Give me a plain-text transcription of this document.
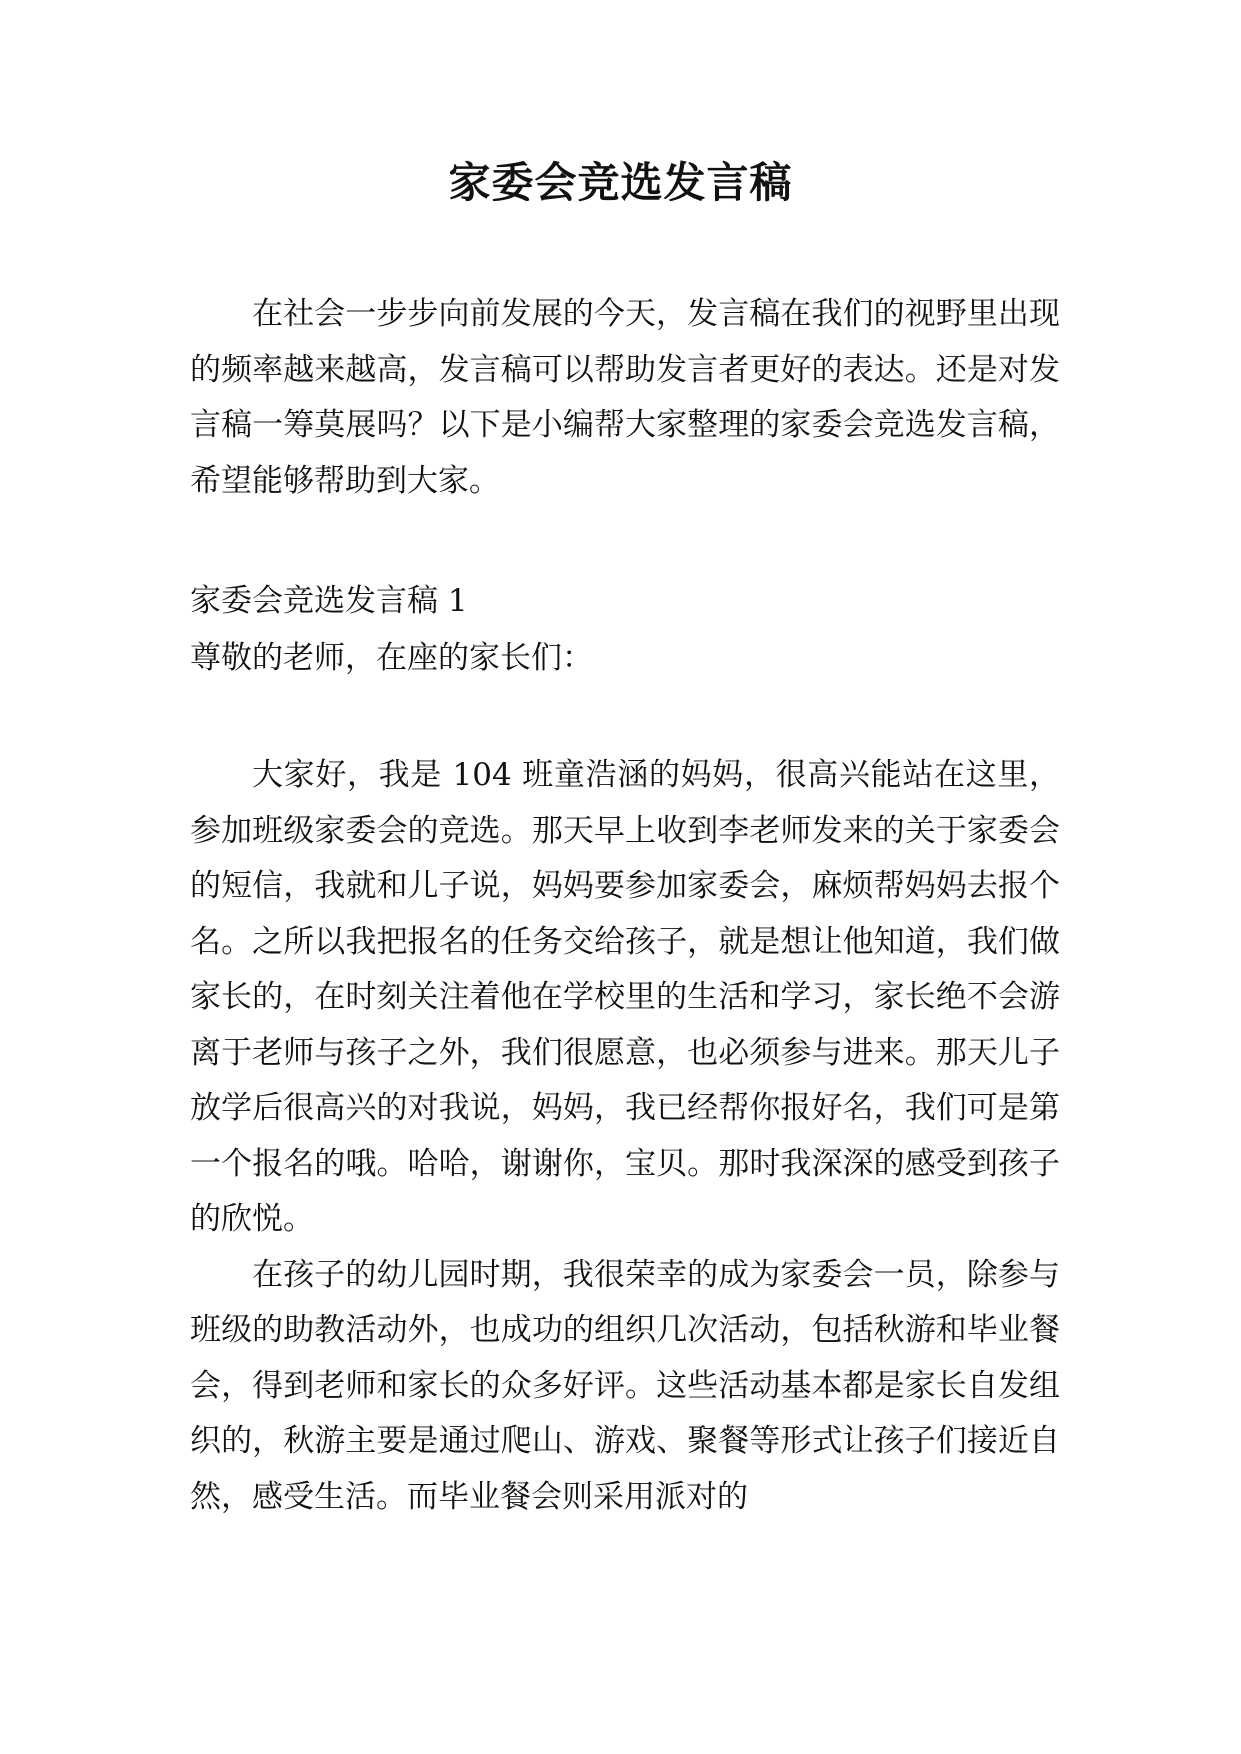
家委会竞选发言稿

在社会一步步向前发展的今天，发言稿在我们的视野里出现的频率越来越高，发言稿可以帮助发言者更好的表达。还是对发言稿一筹莫展吗？以下是小编帮大家整理的家委会竞选发言稿，希望能够帮助到大家。

家委会竞选发言稿 1

尊敬的老师，在座的家长们：

大家好，我是 104 班童浩涵的妈妈，很高兴能站在这里，参加班级家委会的竞选。那天早上收到李老师发来的关于家委会的短信，我就和儿子说，妈妈要参加家委会，麻烦帮妈妈去报个名。之所以我把报名的任务交给孩子，就是想让他知道，我们做家长的，在时刻关注着他在学校里的生活和学习，家长绝不会游离于老师与孩子之外，我们很愿意，也必须参与进来。那天儿子放学后很高兴的对我说，妈妈，我已经帮你报好名，我们可是第一个报名的哦。哈哈，谢谢你，宝贝。那时我深深的感受到孩子的欣悦。

在孩子的幼儿园时期，我很荣幸的成为家委会一员，除参与班级的助教活动外，也成功的组织几次活动，包括秋游和毕业餐会，得到老师和家长的众多好评。这些活动基本都是家长自发组织的，秋游主要是通过爬山、游戏、聚餐等形式让孩子们接近自然，感受生活。而毕业餐会则采用派对的
